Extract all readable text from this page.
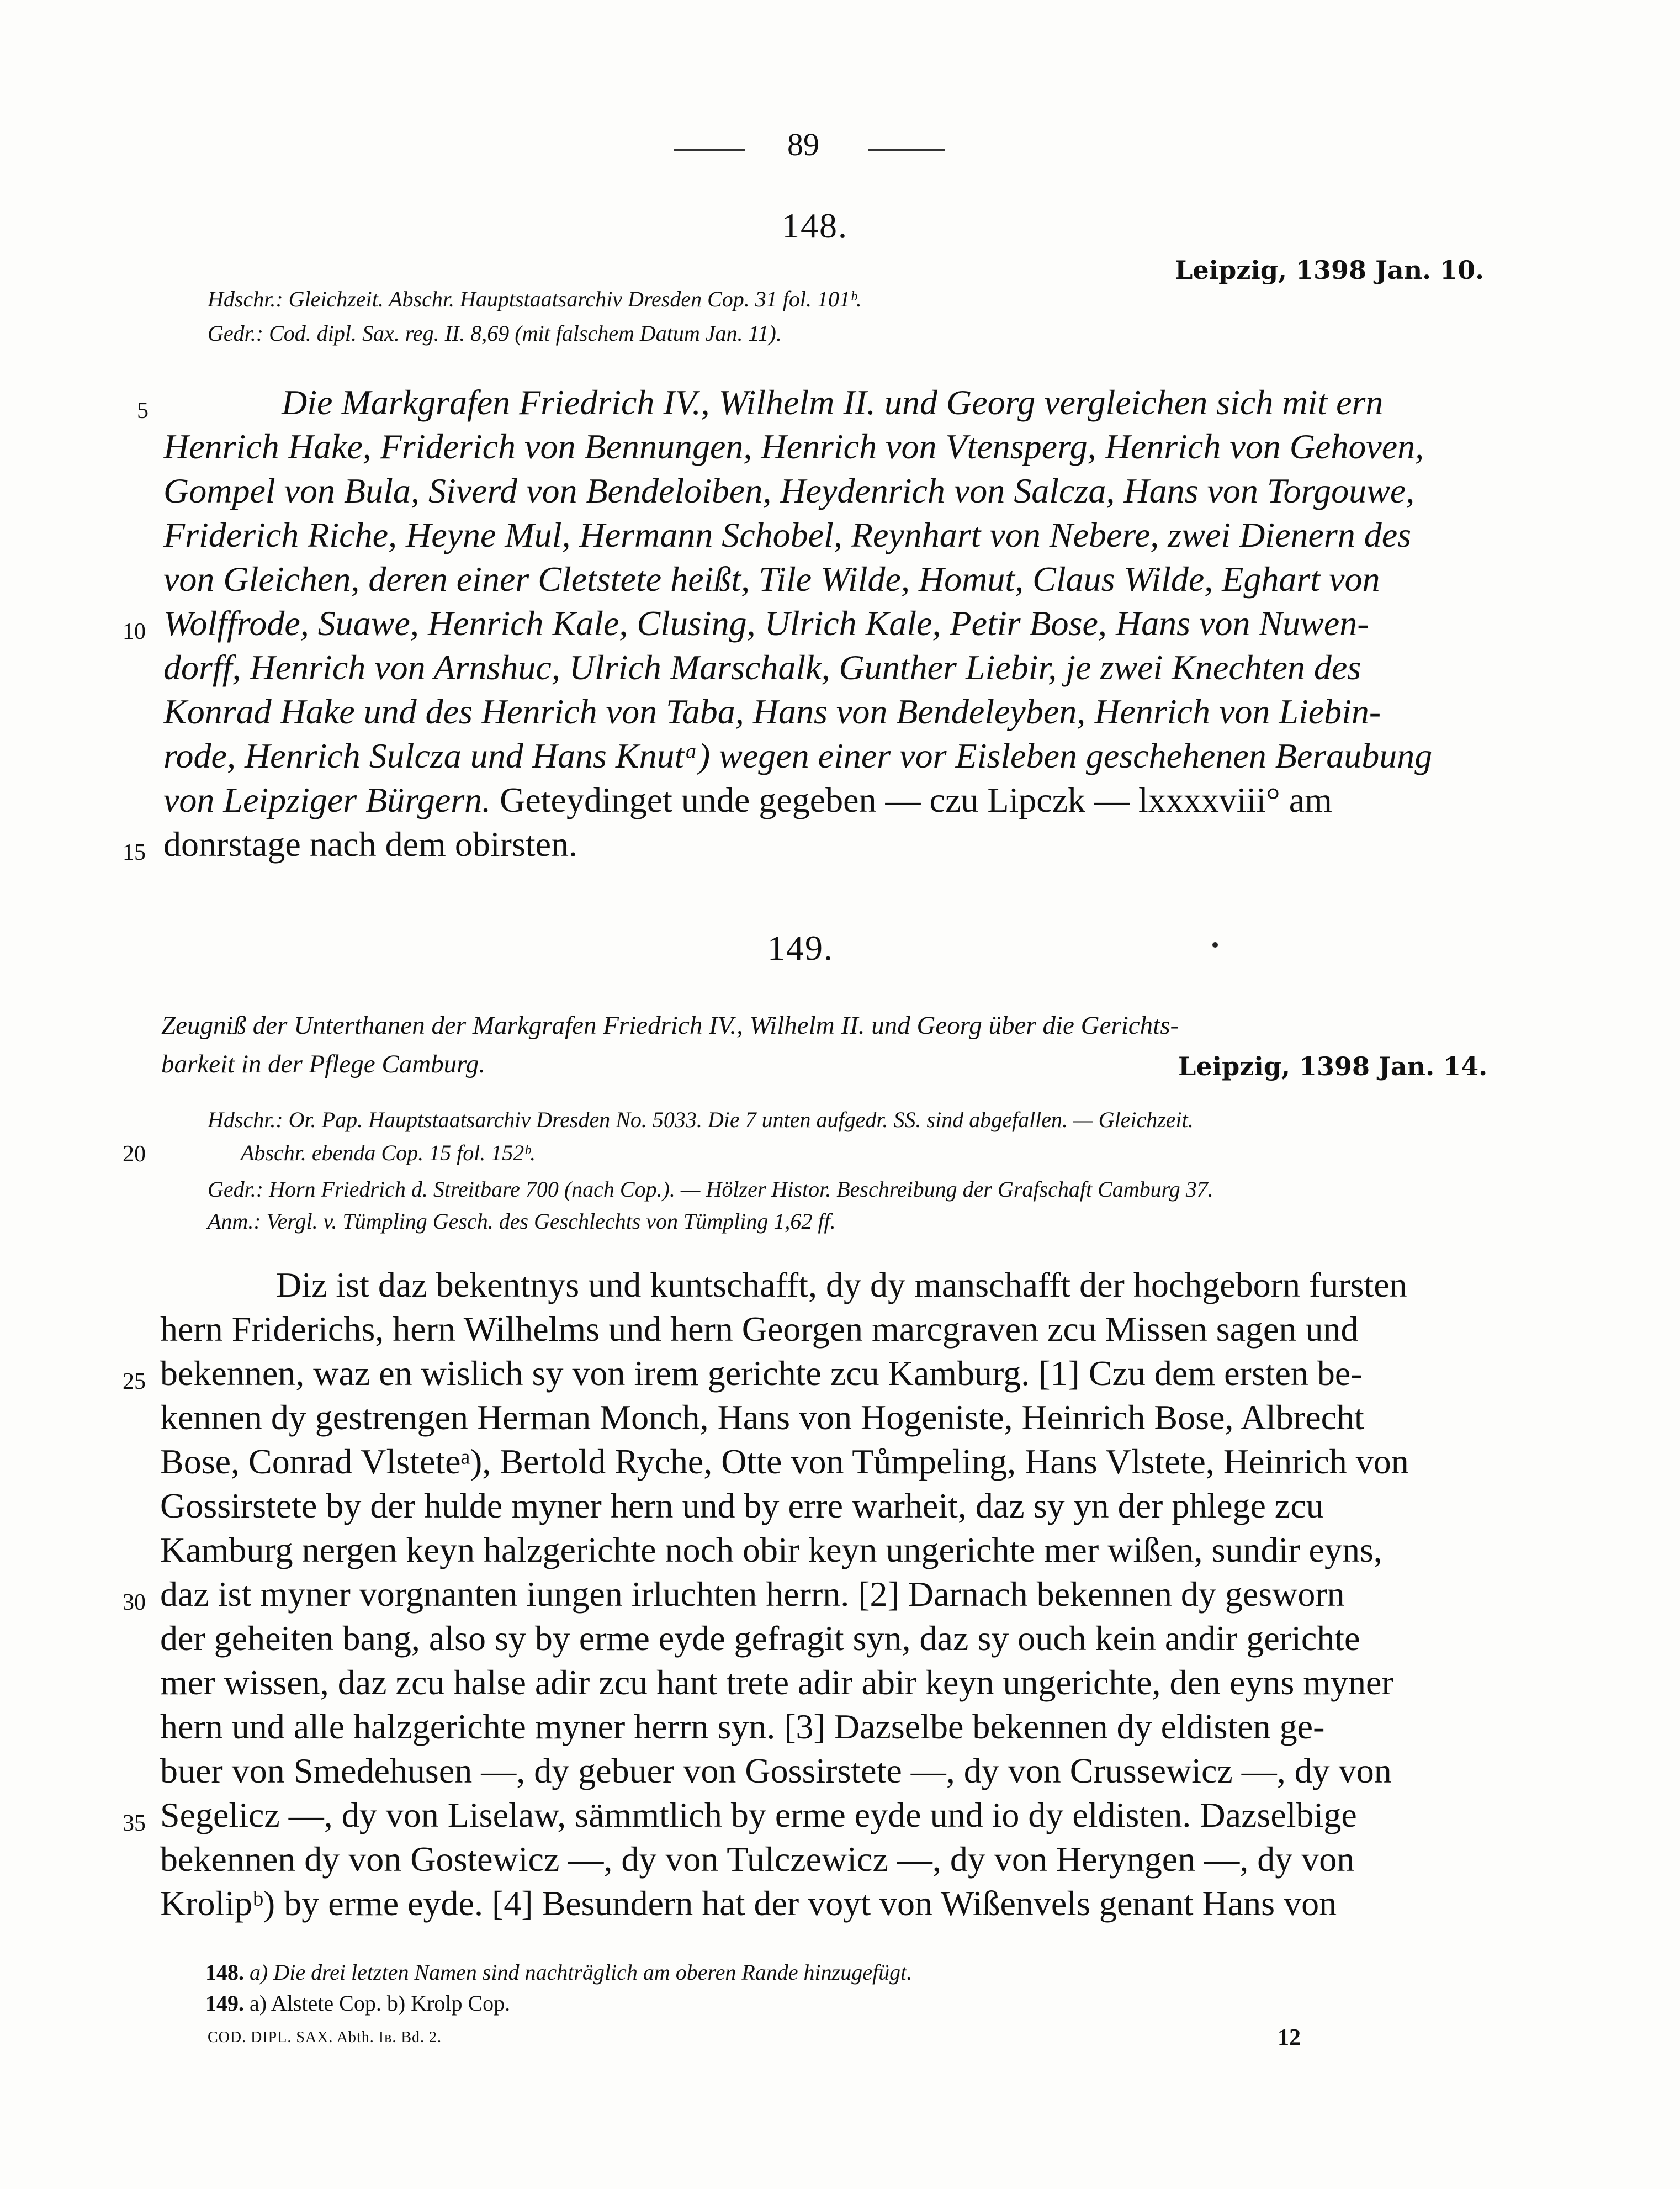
89
148.
Leipzig, 1398 Jan. 10.
Hdschr.: Gleichzeit. Abschr. Hauptstaatsarchiv Dresden Cop. 31 fol. 101ᵇ.
Gedr.: Cod. dipl. Sax. reg. II. 8,69 (mit falschem Datum Jan. 11).
5	Die Markgrafen Friedrich IV., Wilhelm II. und Georg vergleichen sich mit ern
Henrich Hake, Friderich von Bennungen, Henrich von Vtensperg, Henrich von Gehoven,
Gompel von Bula, Siverd von Bendeloiben, Heydenrich von Salcza, Hans von Torgouwe,
Friderich Riche, Heyne Mul, Hermann Schobel, Reynhart von Nebere, zwei Dienern des
von Gleichen, deren einer Cletstete heißt, Tile Wilde, Homut, Claus Wilde, Eghart von
10 Wolffrode, Suawe, Henrich Kale, Clusing, Ulrich Kale, Petir Bose, Hans von Nuwen-
dorff, Henrich von Arnshuc, Ulrich Marschalk, Gunther Liebir, je zwei Knechten des
Konrad Hake und des Henrich von Taba, Hans von Bendeleyben, Henrich von Liebin-
rode, Henrich Sulcza und Hans Knutᵃ) wegen einer vor Eisleben geschehenen Beraubung
von Leipziger Bürgern. Geteydinget unde gegeben — czu Lipczk — lxxxxviii° am
15 donrstage nach dem obirsten.
149.
Zeugniß der Unterthanen der Markgrafen Friedrich IV., Wilhelm II. und Georg über die Gerichts-
barkeit in der Pflege Camburg.	Leipzig, 1398 Jan. 14.
Hdschr.: Or. Pap. Hauptstaatsarchiv Dresden No. 5033. Die 7 unten aufgedr. SS. sind abgefallen. — Gleichzeit.
20	Abschr. ebenda Cop. 15 fol. 152ᵇ.
Gedr.: Horn Friedrich d. Streitbare 700 (nach Cop.). — Hölzer Histor. Beschreibung der Grafschaft Camburg 37.
Anm.: Vergl. v. Tümpling Gesch. des Geschlechts von Tümpling 1,62 ff.
Diz ist daz bekentnys und kuntschafft, dy dy manschafft der hochgeborn fursten
hern Friderichs, hern Wilhelms und hern Georgen marcgraven zcu Missen sagen und
25 bekennen, waz en wislich sy von irem gerichte zcu Kamburg. [1] Czu dem ersten be-
kennen dy gestrengen Herman Monch, Hans von Hogeniste, Heinrich Bose, Albrecht
Bose, Conrad Vlsteteᵃ), Bertold Ryche, Otte von Tůmpeling, Hans Vlstete, Heinrich von
Gossirstete by der hulde myner hern und by erre warheit, daz sy yn der phlege zcu
Kamburg nergen keyn halzgerichte noch obir keyn ungerichte mer wißen, sundir eyns,
30 daz ist myner vorgnanten iungen irluchten herrn. [2] Darnach bekennen dy gesworn
der geheiten bang, also sy by erme eyde gefragit syn, daz sy ouch kein andir gerichte
mer wissen, daz zcu halse adir zcu hant trete adir abir keyn ungerichte, den eyns myner
hern und alle halzgerichte myner herrn syn. [3] Dazselbe bekennen dy eldisten ge-
buer von Smedehusen —, dy gebuer von Gossirstete —, dy von Crussewicz —, dy von
35 Segelicz —, dy von Liselaw, sämmtlich by erme eyde und io dy eldisten. Dazselbige
bekennen dy von Gostewicz —, dy von Tulczewicz —, dy von Heryngen —, dy von
Krolipᵇ) by erme eyde. [4] Besundern hat der voyt von Wißenvels genant Hans von
148. a) Die drei letzten Namen sind nachträglich am oberen Rande hinzugefügt.
149. a) Alstete Cop. b) Krolp Cop.
COD. DIPL. SAX. Abth. Iв. Bd. 2.	12
